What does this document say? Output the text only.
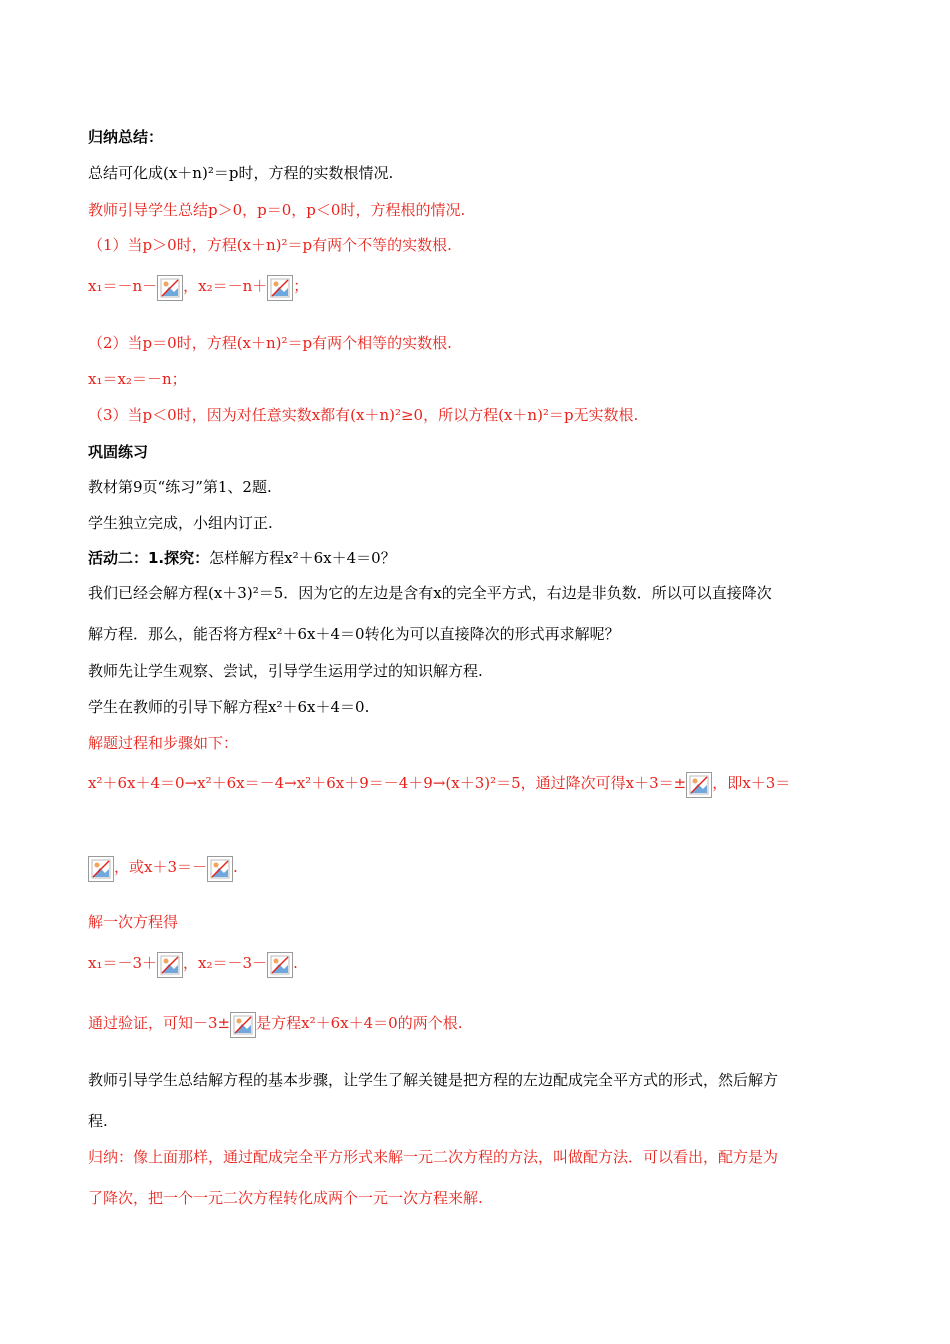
归纳总结：
总结可化成(x＋n)²＝p时，方程的实数根情况.
教师引导学生总结p＞0，p＝0，p＜0时，方程根的情况.
（1）当p＞0时，方程(x＋n)²＝p有两个不等的实数根.
x₁＝－n－ ，x₂＝－n＋ ；
（2）当p＝0时，方程(x＋n)²＝p有两个相等的实数根.
x₁＝x₂＝－n；
（3）当p＜0时，因为对任意实数x都有(x＋n)²≥0，所以方程(x＋n)²＝p无实数根.
巩固练习
教材第9页“练习”第1、2题.
学生独立完成，小组内订正.
活动二：1.探究：怎样解方程x²＋6x＋4＝0？
我们已经会解方程(x＋3)²＝5．因为它的左边是含有x的完全平方式，右边是非负数．所以可以直接降次
解方程．那么，能否将方程x²＋6x＋4＝0转化为可以直接降次的形式再求解呢？
教师先让学生观察、尝试，引导学生运用学过的知识解方程.
学生在教师的引导下解方程x²＋6x＋4＝0.
解题过程和步骤如下：
x²＋6x＋4＝0→x²＋6x＝－4→x²＋6x＋9＝－4＋9→(x＋3)²＝5，通过降次可得x＋3＝± ，即x＋3＝
，或x＋3＝－ .
解一次方程得
x₁＝－3＋ ，x₂＝－3－ .
通过验证，可知－3± 是方程x²＋6x＋4＝0的两个根.
教师引导学生总结解方程的基本步骤，让学生了解关键是把方程的左边配成完全平方式的形式，然后解方
程.
归纳：像上面那样，通过配成完全平方形式来解一元二次方程的方法，叫做配方法．可以看出，配方是为
了降次，把一个一元二次方程转化成两个一元一次方程来解.
